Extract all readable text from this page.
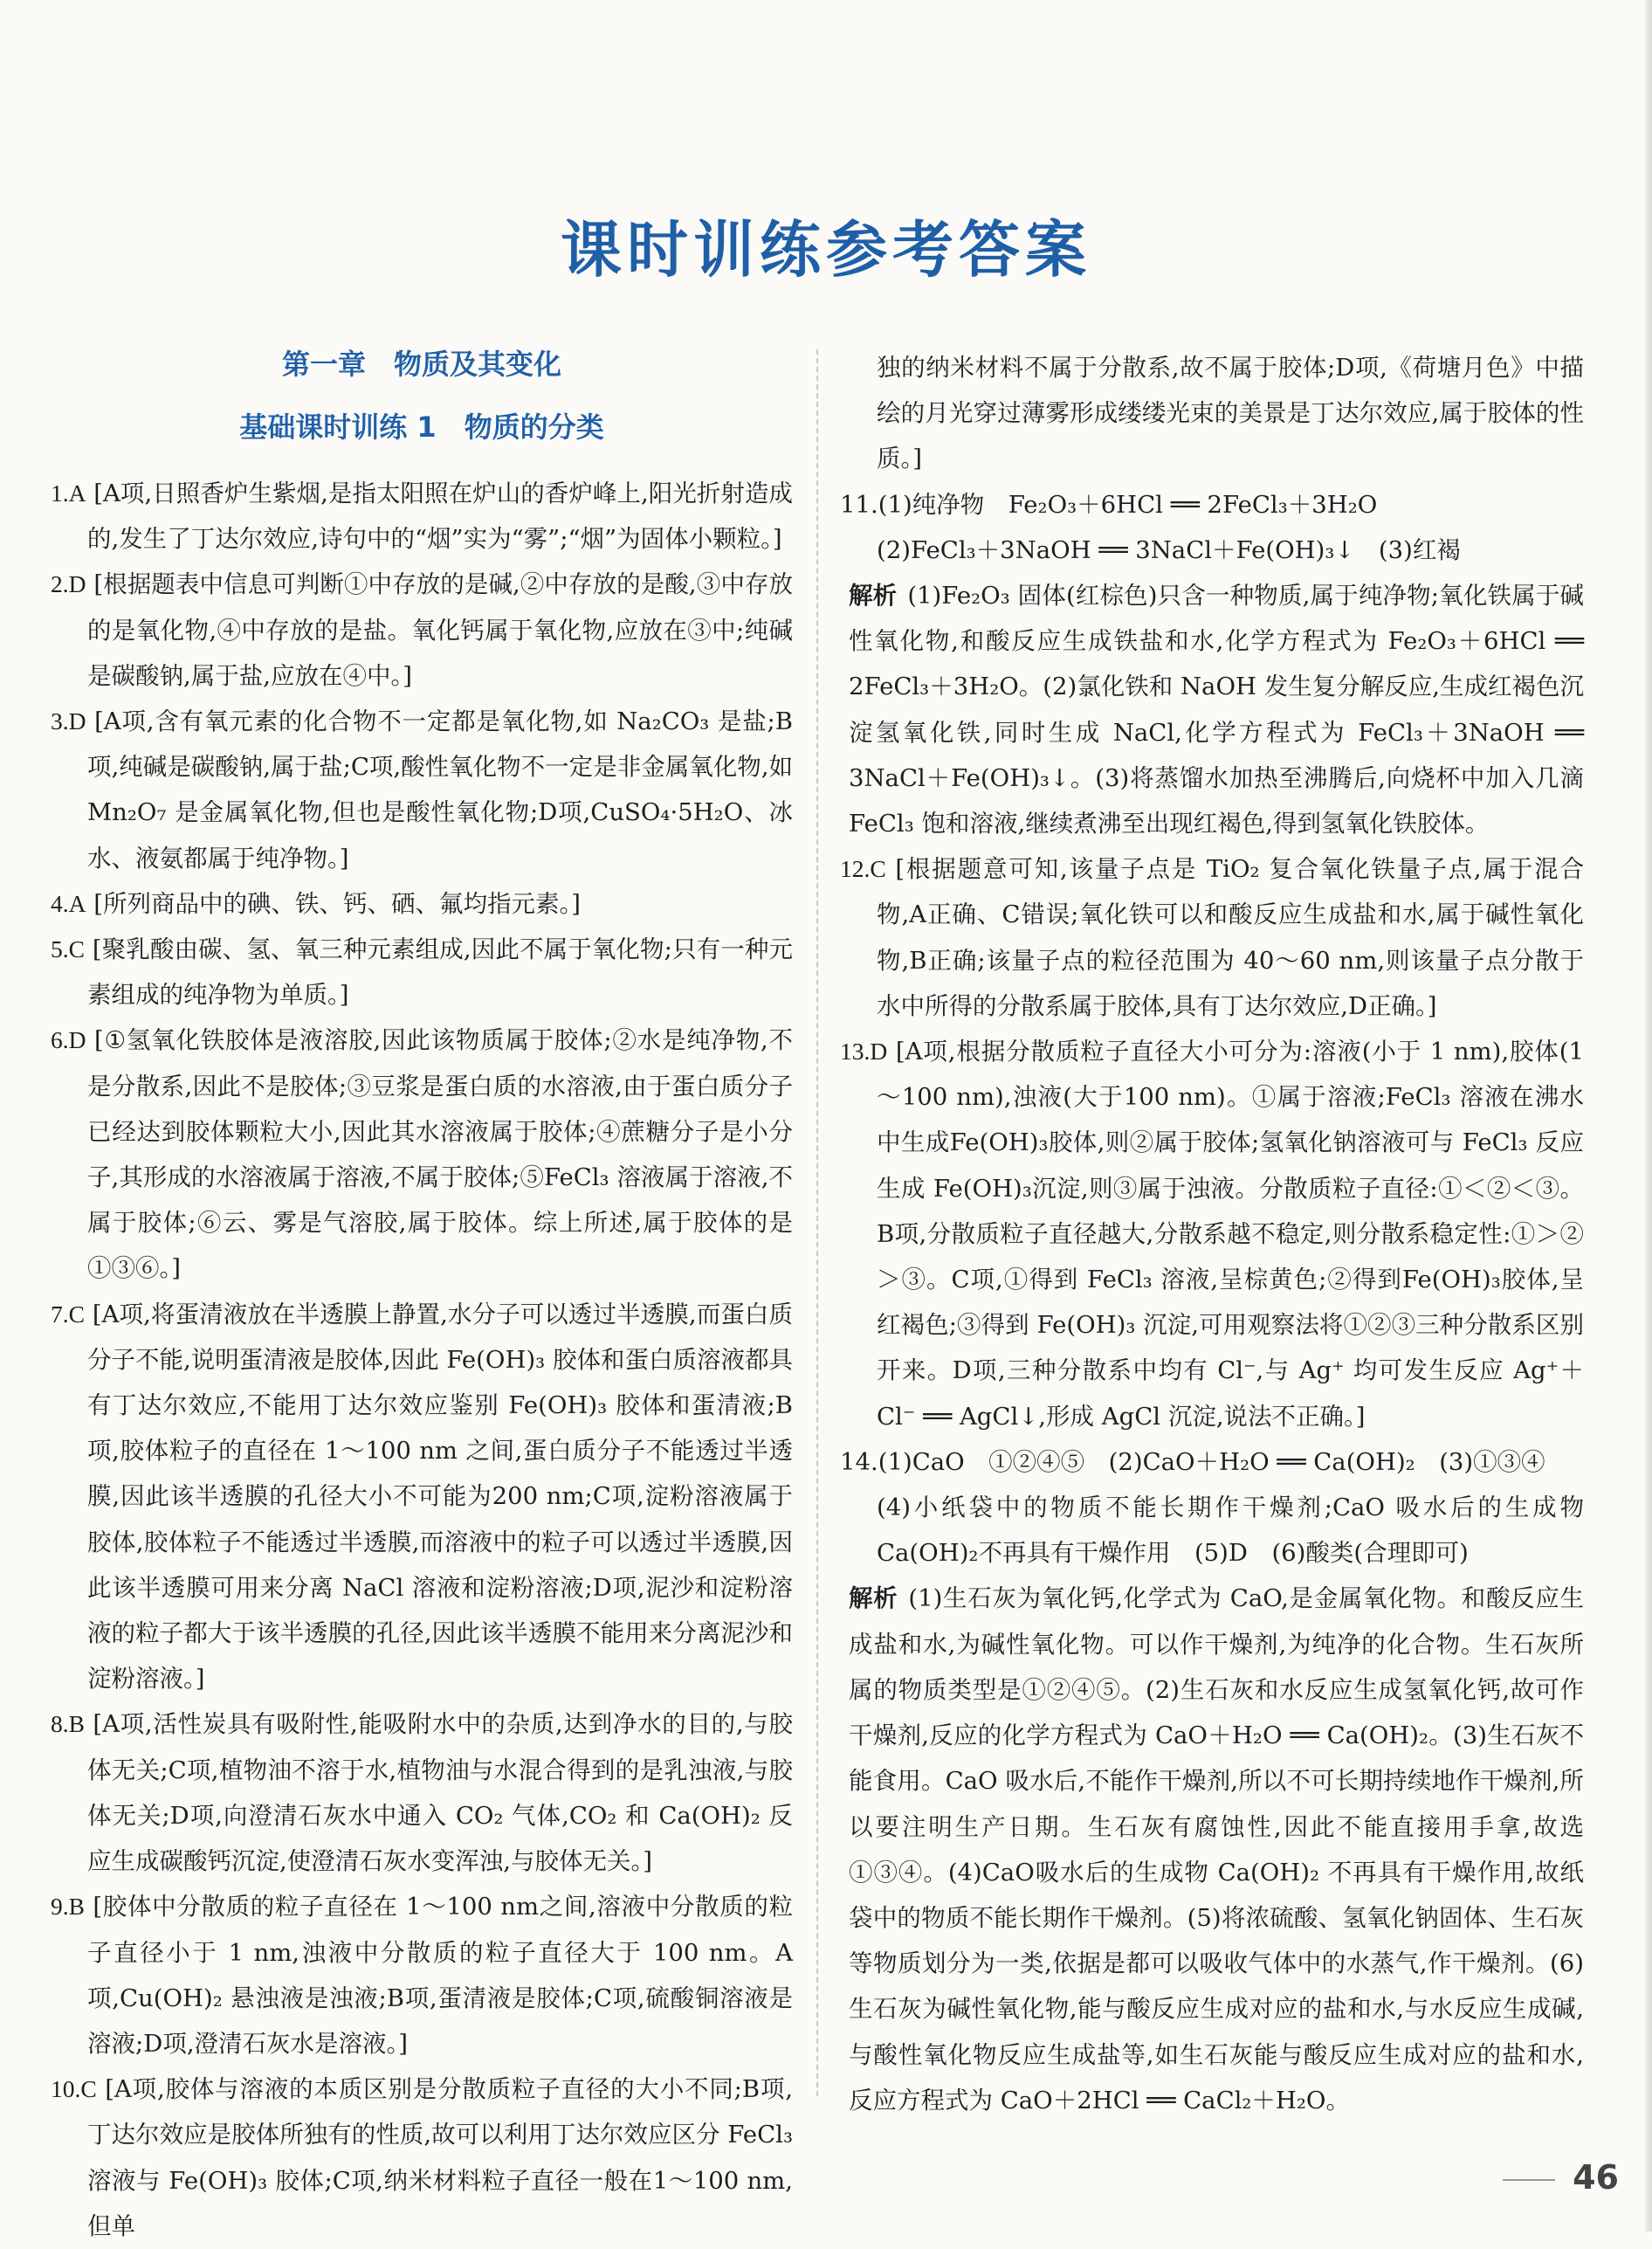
课时训练参考答案

第一章　物质及其变化

基础课时训练 1　物质的分类

1.A [A项,日照香炉生紫烟,是指太阳照在炉山的香炉峰上,阳光折射造成的,发生了丁达尔效应,诗句中的“烟”实为“雾”;“烟”为固体小颗粒。]

2.D [根据题表中信息可判断①中存放的是碱,②中存放的是酸,③中存放的是氧化物,④中存放的是盐。氧化钙属于氧化物,应放在③中;纯碱是碳酸钠,属于盐,应放在④中。]

3.D [A项,含有氧元素的化合物不一定都是氧化物,如 Na₂CO₃ 是盐;B项,纯碱是碳酸钠,属于盐;C项,酸性氧化物不一定是非金属氧化物,如 Mn₂O₇ 是金属氧化物,但也是酸性氧化物;D项,CuSO₄·5H₂O、冰水、液氨都属于纯净物。]

4.A [所列商品中的碘、铁、钙、硒、氟均指元素。]

5.C [聚乳酸由碳、氢、氧三种元素组成,因此不属于氧化物;只有一种元素组成的纯净物为单质。]

6.D [①氢氧化铁胶体是液溶胶,因此该物质属于胶体;②水是纯净物,不是分散系,因此不是胶体;③豆浆是蛋白质的水溶液,由于蛋白质分子已经达到胶体颗粒大小,因此其水溶液属于胶体;④蔗糖分子是小分子,其形成的水溶液属于溶液,不属于胶体;⑤FeCl₃ 溶液属于溶液,不属于胶体;⑥云、雾是气溶胶,属于胶体。综上所述,属于胶体的是①③⑥。]

7.C [A项,将蛋清液放在半透膜上静置,水分子可以透过半透膜,而蛋白质分子不能,说明蛋清液是胶体,因此 Fe(OH)₃ 胶体和蛋白质溶液都具有丁达尔效应,不能用丁达尔效应鉴别 Fe(OH)₃ 胶体和蛋清液;B项,胶体粒子的直径在 1～100 nm 之间,蛋白质分子不能透过半透膜,因此该半透膜的孔径大小不可能为200 nm;C项,淀粉溶液属于胶体,胶体粒子不能透过半透膜,而溶液中的粒子可以透过半透膜,因此该半透膜可用来分离 NaCl 溶液和淀粉溶液;D项,泥沙和淀粉溶液的粒子都大于该半透膜的孔径,因此该半透膜不能用来分离泥沙和淀粉溶液。]

8.B [A项,活性炭具有吸附性,能吸附水中的杂质,达到净水的目的,与胶体无关;C项,植物油不溶于水,植物油与水混合得到的是乳浊液,与胶体无关;D项,向澄清石灰水中通入 CO₂ 气体,CO₂ 和 Ca(OH)₂ 反应生成碳酸钙沉淀,使澄清石灰水变浑浊,与胶体无关。]

9.B [胶体中分散质的粒子直径在 1～100 nm之间,溶液中分散质的粒子直径小于 1 nm,浊液中分散质的粒子直径大于 100 nm。A项,Cu(OH)₂ 悬浊液是浊液;B项,蛋清液是胶体;C项,硫酸铜溶液是溶液;D项,澄清石灰水是溶液。]

10.C [A项,胶体与溶液的本质区别是分散质粒子直径的大小不同;B项,丁达尔效应是胶体所独有的性质,故可以利用丁达尔效应区分 FeCl₃ 溶液与 Fe(OH)₃ 胶体;C项,纳米材料粒子直径一般在1～100 nm,但单

独的纳米材料不属于分散系,故不属于胶体;D项,《荷塘月色》中描绘的月光穿过薄雾形成缕缕光束的美景是丁达尔效应,属于胶体的性质。]

11.(1)纯净物　Fe₂O₃＋6HCl ══ 2FeCl₃＋3H₂O

(2)FeCl₃＋3NaOH ══ 3NaCl＋Fe(OH)₃↓　(3)红褐

解析 (1)Fe₂O₃ 固体(红棕色)只含一种物质,属于纯净物;氧化铁属于碱性氧化物,和酸反应生成铁盐和水,化学方程式为 Fe₂O₃＋6HCl ══ 2FeCl₃＋3H₂O。(2)氯化铁和 NaOH 发生复分解反应,生成红褐色沉淀氢氧化铁,同时生成 NaCl,化学方程式为 FeCl₃＋3NaOH ══ 3NaCl＋Fe(OH)₃↓。(3)将蒸馏水加热至沸腾后,向烧杯中加入几滴 FeCl₃ 饱和溶液,继续煮沸至出现红褐色,得到氢氧化铁胶体。

12.C [根据题意可知,该量子点是 TiO₂ 复合氧化铁量子点,属于混合物,A正确、C错误;氧化铁可以和酸反应生成盐和水,属于碱性氧化物,B正确;该量子点的粒径范围为 40～60 nm,则该量子点分散于水中所得的分散系属于胶体,具有丁达尔效应,D正确。]

13.D [A项,根据分散质粒子直径大小可分为:溶液(小于 1 nm),胶体(1～100 nm),浊液(大于100 nm)。①属于溶液;FeCl₃ 溶液在沸水中生成Fe(OH)₃胶体,则②属于胶体;氢氧化钠溶液可与 FeCl₃ 反应生成 Fe(OH)₃沉淀,则③属于浊液。分散质粒子直径:①＜②＜③。B项,分散质粒子直径越大,分散系越不稳定,则分散系稳定性:①＞②＞③。C项,①得到 FeCl₃ 溶液,呈棕黄色;②得到Fe(OH)₃胶体,呈红褐色;③得到 Fe(OH)₃ 沉淀,可用观察法将①②③三种分散系区别开来。D项,三种分散系中均有 Cl⁻,与 Ag⁺ 均可发生反应 Ag⁺＋Cl⁻ ══ AgCl↓,形成 AgCl 沉淀,说法不正确。]

14.(1)CaO　①②④⑤　(2)CaO＋H₂O ══ Ca(OH)₂　(3)①③④

(4)小纸袋中的物质不能长期作干燥剂;CaO 吸水后的生成物Ca(OH)₂不再具有干燥作用　(5)D　(6)酸类(合理即可)

解析 (1)生石灰为氧化钙,化学式为 CaO,是金属氧化物。和酸反应生成盐和水,为碱性氧化物。可以作干燥剂,为纯净的化合物。生石灰所属的物质类型是①②④⑤。(2)生石灰和水反应生成氢氧化钙,故可作干燥剂,反应的化学方程式为 CaO＋H₂O ══ Ca(OH)₂。(3)生石灰不能食用。CaO 吸水后,不能作干燥剂,所以不可长期持续地作干燥剂,所以要注明生产日期。生石灰有腐蚀性,因此不能直接用手拿,故选①③④。(4)CaO吸水后的生成物 Ca(OH)₂ 不再具有干燥作用,故纸袋中的物质不能长期作干燥剂。(5)将浓硫酸、氢氧化钠固体、生石灰等物质划分为一类,依据是都可以吸收气体中的水蒸气,作干燥剂。(6)生石灰为碱性氧化物,能与酸反应生成对应的盐和水,与水反应生成碱,与酸性氧化物反应生成盐等,如生石灰能与酸反应生成对应的盐和水,反应方程式为 CaO＋2HCl ══ CaCl₂＋H₂O。

46
